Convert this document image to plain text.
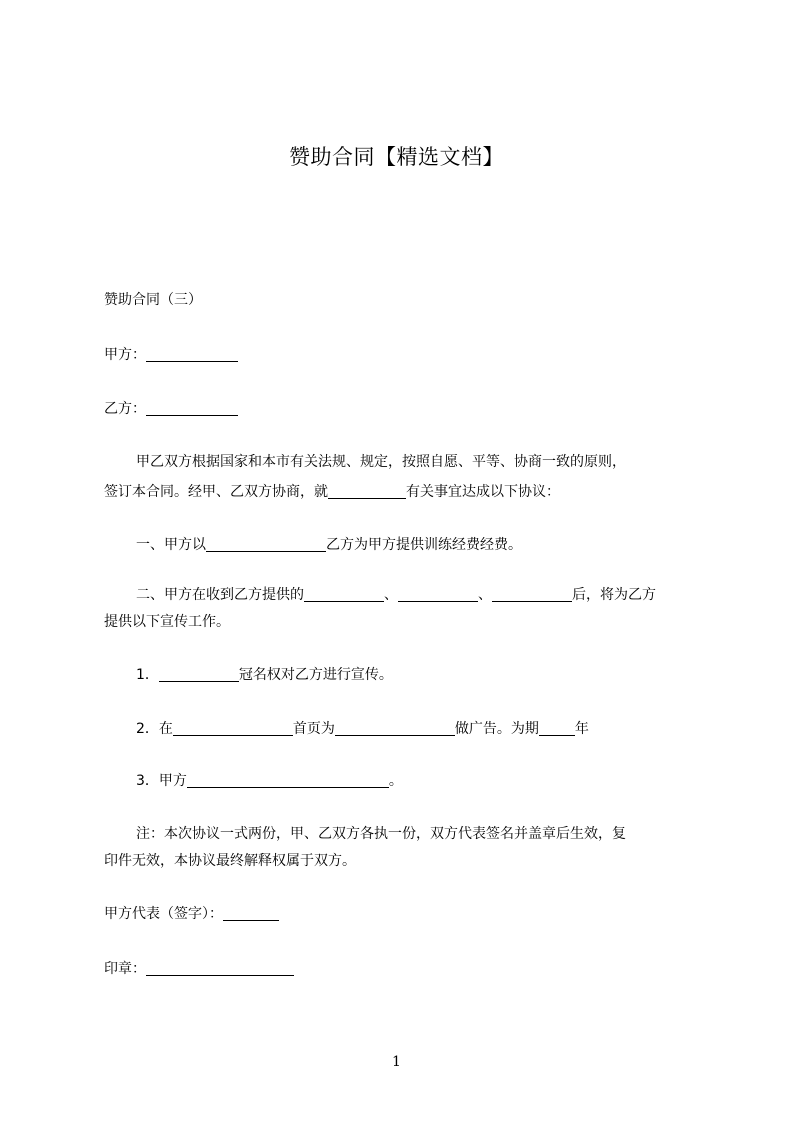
赞助合同【精选文档】
赞助合同（三）
甲方：
乙方：
甲乙双方根据国家和本市有关法规、规定，按照自愿、平等、协商一致的原则，
签订本合同。经甲、乙双方协商，就	有关事宜达成以下协议：
一、甲方以	乙方为甲方提供训练经费经费。
二、甲方在收到乙方提供的	、	、	后，将为乙方
提供以下宣传工作。
1．	冠名权对乙方进行宣传。
2．在	首页为	做广告。为期	年
3．甲方	。
注：本次协议一式两份，甲、乙双方各执一份，双方代表签名并盖章后生效，复
印件无效，本协议最终解释权属于双方。
甲方代表（签字）：
印章：
1
